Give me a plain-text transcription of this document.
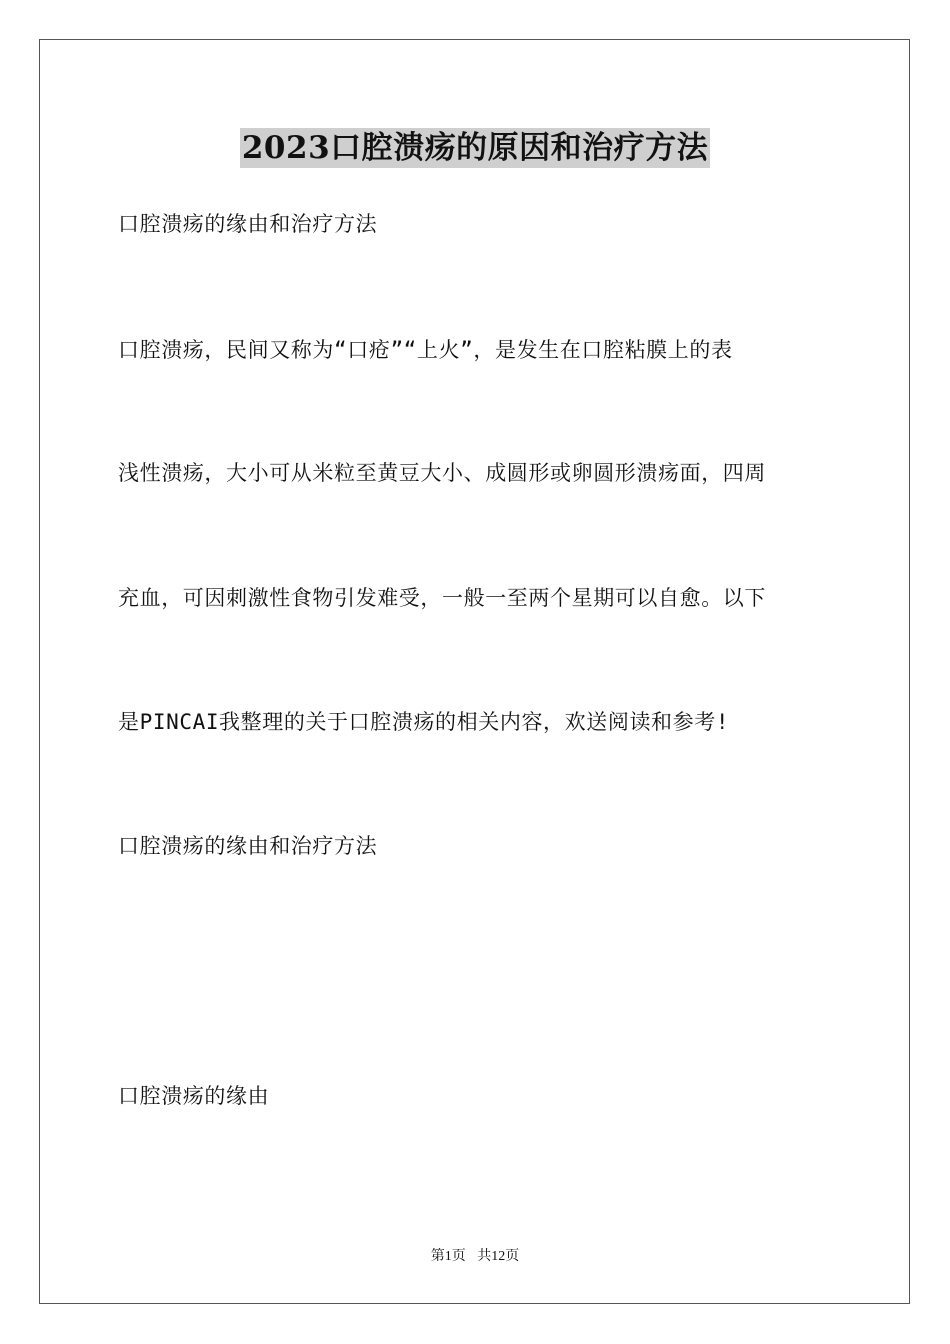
2023口腔溃疡的原因和治疗方法
口腔溃疡的缘由和治疗方法
口腔溃疡，民间又称为“口疮”“上火”，是发生在口腔粘膜上的表
浅性溃疡，大小可从米粒至黄豆大小、成圆形或卵圆形溃疡面，四周
充血，可因刺激性食物引发难受，一般一至两个星期可以自愈。以下
是PINCAI我整理的关于口腔溃疡的相关内容，欢送阅读和参考!
口腔溃疡的缘由和治疗方法
口腔溃疡的缘由
第1页 共12页
